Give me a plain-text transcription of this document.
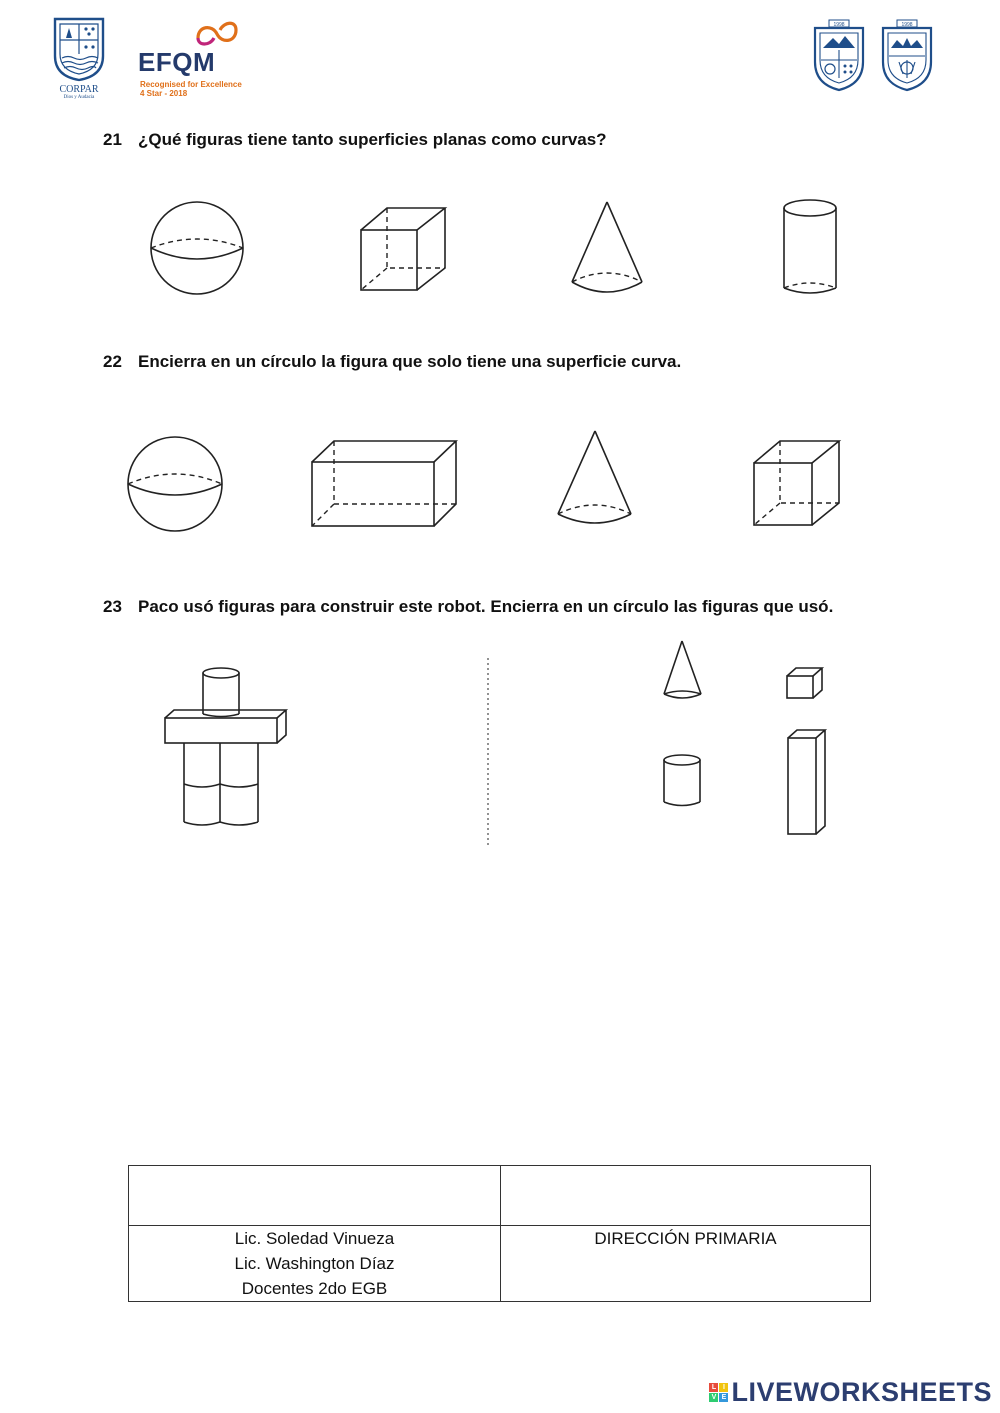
CORPAR
Dios y Audacia
EFQM
Recognised for Excellence
4 Star - 2018
1998	1998
21 ¿Qué figuras tiene tanto superficies planas como curvas?
22 Encierra en un círculo la figura que solo tiene una superficie curva.
23 Paco usó figuras para construir este robot. Encierra en un círculo las figuras que usó.

Lic. Soledad Vinueza
Lic. Washington Díaz
Docentes 2do EGB	DIRECCIÓN PRIMARIA
L I
V E LIVEWORKSHEETS
